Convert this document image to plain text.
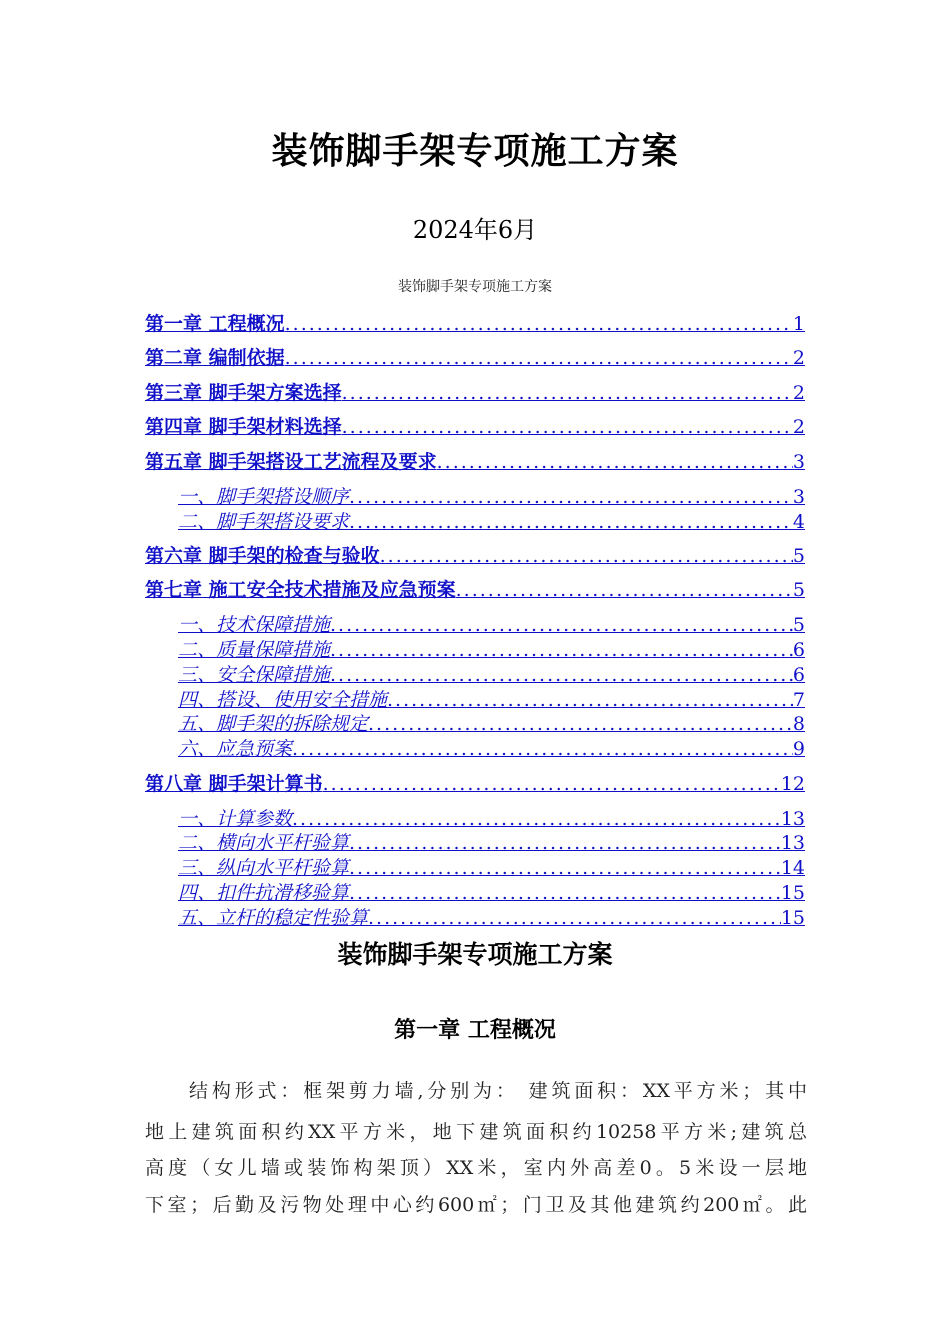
装饰脚手架专项施工方案
2024年6月
装饰脚手架专项施工方案
第一章 工程概况 .....	1
第二章 编制依据 .....	2
第三章 脚手架方案选择 .....	2
第四章 脚手架材料选择 .....	2
第五章 脚手架搭设工艺流程及要求 .....	3
一、脚手架搭设顺序 .....	3
二、脚手架搭设要求 .....	4
第六章 脚手架的检查与验收 .....	5
第七章 施工安全技术措施及应急预案 .....	5
一、技术保障措施 .....	5
二、质量保障措施 .....	6
三、安全保障措施 .....	6
四、搭设、使用安全措施 .....	7
五、脚手架的拆除规定 .....	8
六、应急预案 .....	9
第八章 脚手架计算书 .....	12
一、计算参数 .....	13
二、横向水平杆验算 .....	13
三、纵向水平杆验算 .....	14
四、扣件抗滑移验算 .....	15
五、立杆的稳定性验算 .....	15
装饰脚手架专项施工方案
第一章 工程概况
结构形式：框架剪力墙,分别为： 建筑面积：XX平方米；其中
地上建筑面积约XX平方米，地下建筑面积约10258平方米;建筑总
高度（女儿墙或装饰构架顶）XX米，室内外高差0。5米设一层地
下室；后勤及污物处理中心约600㎡；门卫及其他建筑约200㎡。此
